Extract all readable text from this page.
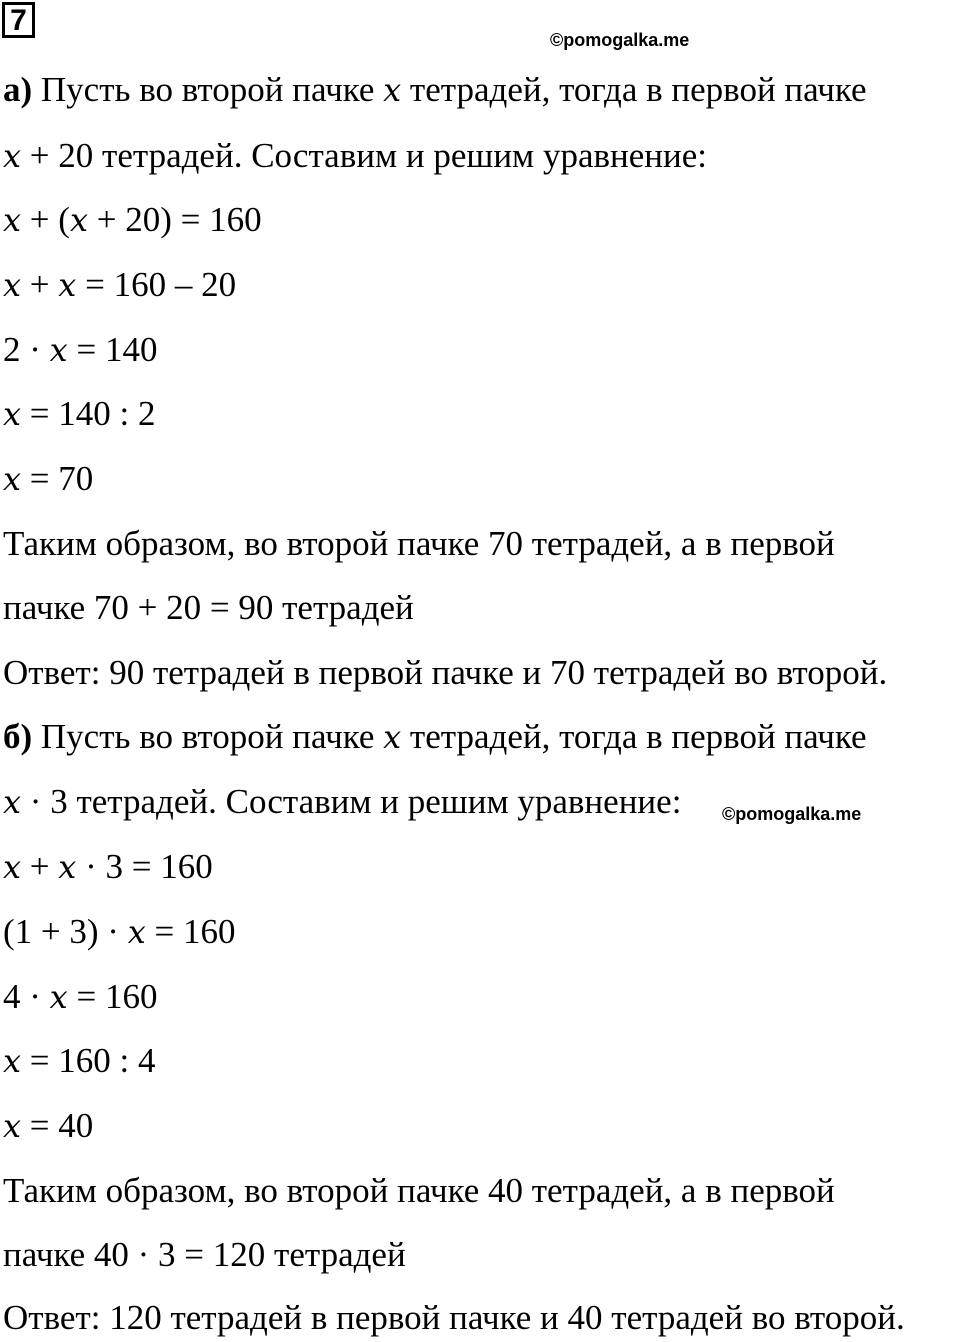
7
©pomogalka.me
а) Пусть во второй пачке x тетрадей, тогда в первой пачке
x + 20 тетрадей. Составим и решим уравнение:
x + (x + 20) = 160
x + x = 160 – 20
2 · x = 140
x = 140 : 2
x = 70
Таким образом, во второй пачке 70 тетрадей, а в первой
пачке 70 + 20 = 90 тетрадей
Ответ: 90 тетрадей в первой пачке и 70 тетрадей во второй.
б) Пусть во второй пачке x тетрадей, тогда в первой пачке
x · 3 тетрадей. Составим и решим уравнение: ©pomogalka.me
x + x · 3 = 160
(1 + 3) · x = 160
4 · x = 160
x = 160 : 4
x = 40
Таким образом, во второй пачке 40 тетрадей, а в первой
пачке 40 · 3 = 120 тетрадей
Ответ: 120 тетрадей в первой пачке и 40 тетрадей во второй.
